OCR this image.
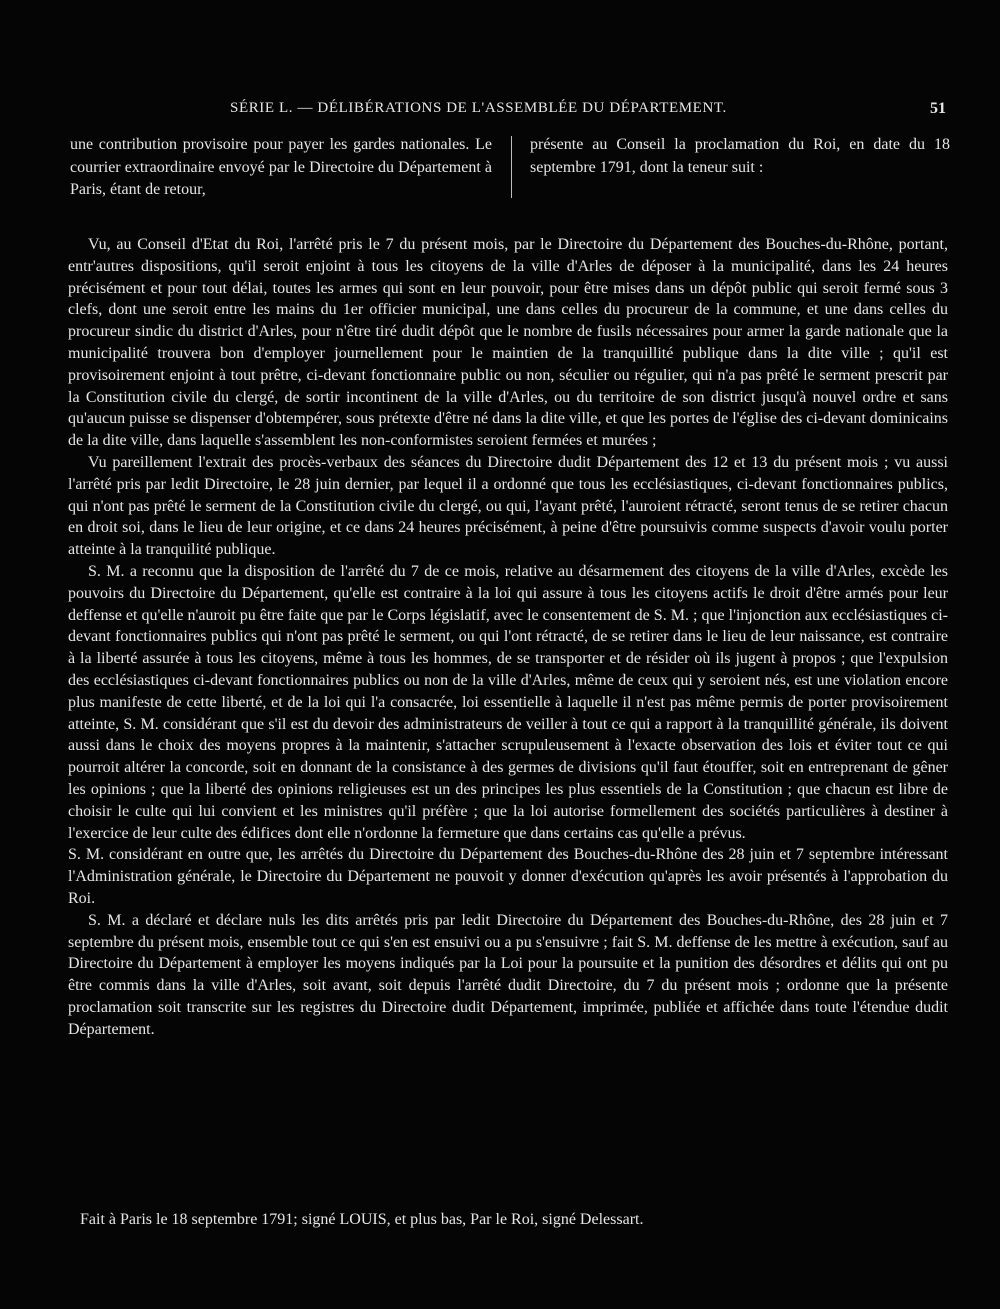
SÉRIE L. — DÉLIBÉRATIONS DE L'ASSEMBLÉE DU DÉPARTEMENT.	51
une contribution provisoire pour payer les gardes nationales. Le courrier extraordinaire envoyé par le Directoire du Département à Paris, étant de retour,
présente au Conseil la proclamation du Roi, en date du 18 septembre 1791, dont la teneur suit :

Vu, au Conseil d'Etat du Roi, l'arrêté pris le 7 du présent mois, par le Directoire du Département des Bouches-du-Rhône, portant, entr'autres dispositions, qu'il seroit enjoint à tous les citoyens de la ville d'Arles de déposer à la municipalité, dans les 24 heures précisément et pour tout délai, toutes les armes qui sont en leur pouvoir, pour être mises dans un dépôt public qui seroit fermé sous 3 clefs, dont une seroit entre les mains du 1er officier municipal, une dans celles du procureur de la commune, et une dans celles du procureur sindic du district d'Arles, pour n'être tiré dudit dépôt que le nombre de fusils nécessaires pour armer la garde nationale que la municipalité trouvera bon d'employer journellement pour le maintien de la tranquillité publique dans la dite ville ; qu'il est provisoirement enjoint à tout prêtre, ci-devant fonctionnaire public ou non, séculier ou régulier, qui n'a pas prêté le serment prescrit par la Constitution civile du clergé, de sortir incontinent de la ville d'Arles, ou du territoire de son district jusqu'à nouvel ordre et sans qu'aucun puisse se dispenser d'obtempérer, sous prétexte d'être né dans la dite ville, et que les portes de l'église des ci-devant dominicains de la dite ville, dans laquelle s'assemblent les non-conformistes seroient fermées et murées ;

Vu pareillement l'extrait des procès-verbaux des séances du Directoire dudit Département des 12 et 13 du présent mois ; vu aussi l'arrêté pris par ledit Directoire, le 28 juin dernier, par lequel il a ordonné que tous les ecclésiastiques, ci-devant fonctionnaires publics, qui n'ont pas prêté le serment de la Constitution civile du clergé, ou qui, l'ayant prêté, l'auroient rétracté, seront tenus de se retirer chacun en droit soi, dans le lieu de leur origine, et ce dans 24 heures précisément, à peine d'être poursuivis comme suspects d'avoir voulu porter atteinte à la tranquilité publique.

S. M. a reconnu que la disposition de l'arrêté du 7 de ce mois, relative au désarmement des citoyens de la ville d'Arles, excède les pouvoirs du Directoire du Département, qu'elle est contraire à la loi qui assure à tous les citoyens actifs le droit d'être armés pour leur deffense et qu'elle n'auroit pu être faite que par le Corps législatif, avec le consentement de S. M. ; que l'injonction aux ecclésiastiques ci-devant fonctionnaires publics qui n'ont pas prêté le serment, ou qui l'ont rétracté, de se retirer dans le lieu de leur naissance, est contraire à la liberté assurée à tous les citoyens, même à tous les hommes, de se transporter et de résider où ils jugent à propos ; que l'expulsion des ecclésiastiques ci-devant fonctionnaires publics ou non de la ville d'Arles, même de ceux qui y seroient nés, est une violation encore plus manifeste de cette liberté, et de la loi qui l'a consacrée, loi essentielle à laquelle il n'est pas même permis de porter provisoirement atteinte, S. M. considérant que s'il est du devoir des administrateurs de veiller à tout ce qui a rapport à la tranquillité générale, ils doivent aussi dans le choix des moyens propres à la maintenir, s'attacher scrupuleusement à l'exacte observation des lois et éviter tout ce qui pourroit altérer la concorde, soit en donnant de la consistance à des germes de divisions qu'il faut étouffer, soit en entreprenant de gêner les opinions ; que la liberté des opinions religieuses est un des principes les plus essentiels de la Constitution ; que chacun est libre de choisir le culte qui lui convient et les ministres qu'il préfère ; que la loi autorise formellement des sociétés particulières à destiner à l'exercice de leur culte des édifices dont elle n'ordonne la fermeture que dans certains cas qu'elle a prévus.

S. M. considérant en outre que, les arrêtés du Directoire du Département des Bouches-du-Rhône des 28 juin et 7 septembre intéressant l'Administration générale, le Directoire du Département ne pouvoit y donner d'exécution qu'après les avoir présentés à l'approbation du Roi.

S. M. a déclaré et déclare nuls les dits arrêtés pris par ledit Directoire du Département des Bouches-du-Rhône, des 28 juin et 7 septembre du présent mois, ensemble tout ce qui s'en est ensuivi ou a pu s'ensuivre ; fait S. M. deffense de les mettre à exécution, sauf au Directoire du Département à employer les moyens indiqués par la Loi pour la poursuite et la punition des désordres et délits qui ont pu être commis dans la ville d'Arles, soit avant, soit depuis l'arrêté dudit Directoire, du 7 du présent mois ; ordonne que la présente proclamation soit transcrite sur les registres du Directoire dudit Département, imprimée, publiée et affichée dans toute l'étendue dudit Département.

Fait à Paris le 18 septembre 1791; signé LOUIS, et plus bas, Par le Roi, signé Delessart.
